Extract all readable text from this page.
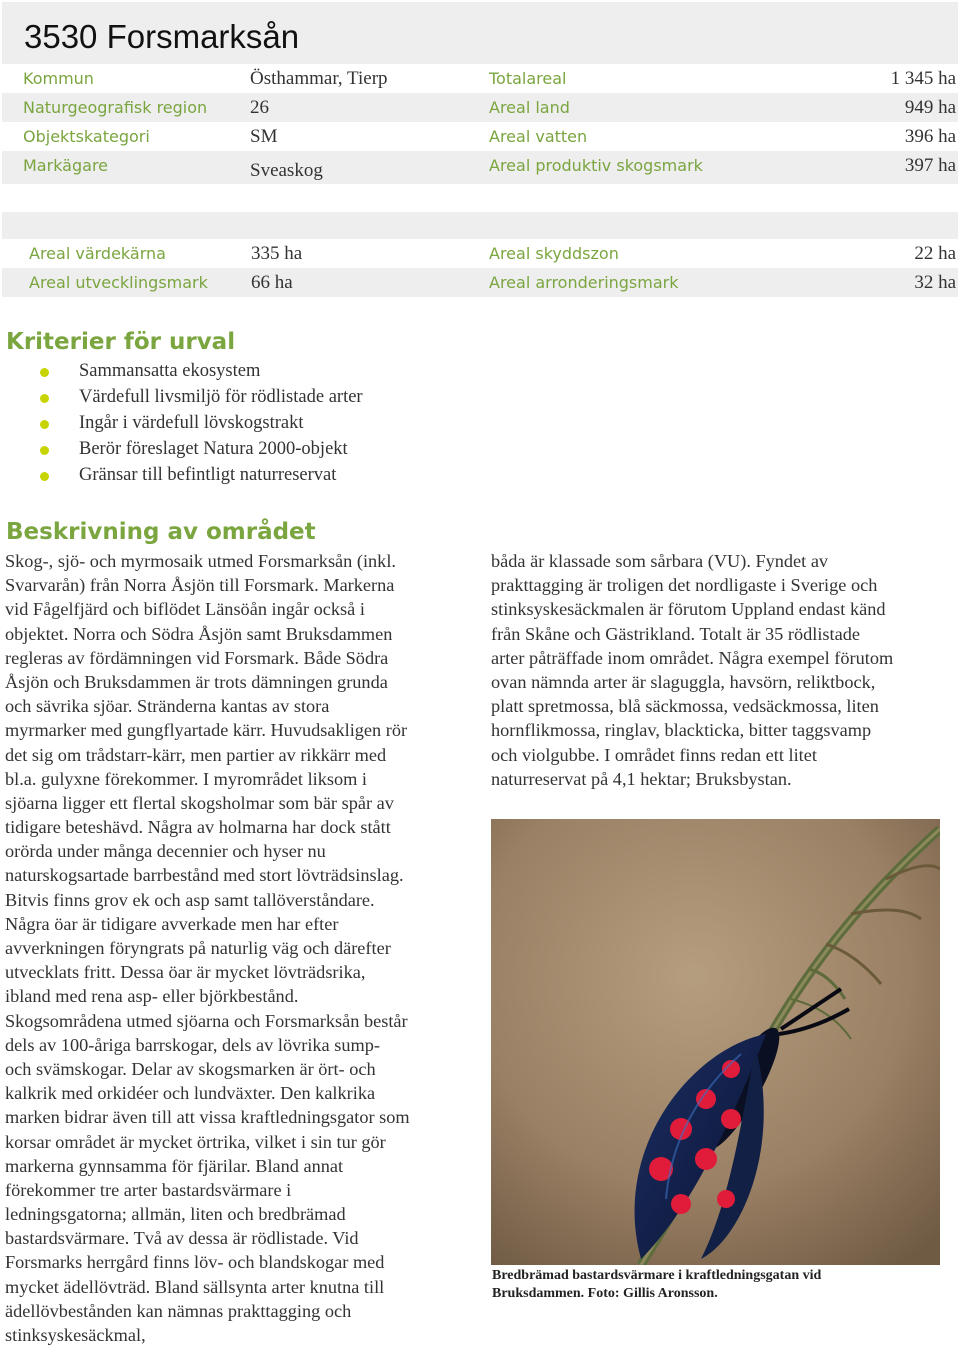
3530 Forsmarksån
Kommun	Östhammar, Tierp	Totalareal	1 345 ha
Naturgeografisk region 26	Areal land	949 ha
Objektskategori	SM	Areal vatten	396 ha
Markägare	Sveaskog	Areal produktiv skogsmark	397 ha
Areal värdekärna	335 ha	Areal skyddszon	22 ha
Areal utvecklingsmark 66 ha	Areal arronderingsmark	32 ha
Kriterier för urval
Sammansatta ekosystem
Värdefull livsmiljö för rödlistade arter
Ingår i värdefull lövskogstrakt
Berör föreslaget Natura 2000-objekt
Gränsar till befintligt naturreservat
Beskrivning av området
Skog-, sjö- och myrmosaik utmed Forsmarksån (inkl.
Svarvarån) från Norra Åsjön till Forsmark. Markerna
vid Fågelfjärd och biflödet Länsöån ingår också i
objektet. Norra och Södra Åsjön samt Bruksdammen
regleras av fördämningen vid Forsmark. Både Södra
Åsjön och Bruksdammen är trots dämningen grunda
och sävrika sjöar. Stränderna kantas av stora
myrmarker med gungflyartade kärr. Huvudsakligen rör
det sig om trådstarr-kärr, men partier av rikkärr med
bl.a. gulyxne förekommer. I myrområdet liksom i
sjöarna ligger ett flertal skogsholmar som bär spår av
tidigare beteshävd. Några av holmarna har dock stått
orörda under många decennier och hyser nu
naturskogsartade barrbestånd med stort lövträdsinslag.
Bitvis finns grov ek och asp samt tallöverståndare.
Några öar är tidigare avverkade men har efter
avverkningen föryngrats på naturlig väg och därefter
utvecklats fritt. Dessa öar är mycket lövträdsrika,
ibland med rena asp- eller björkbestånd.
Skogsområdena utmed sjöarna och Forsmarksån består
dels av 100-åriga barrskogar, dels av lövrika sump-
och svämskogar. Delar av skogsmarken är ört- och
kalkrik med orkidéer och lundväxter. Den kalkrika
marken bidrar även till att vissa kraftledningsgator som
korsar området är mycket örtrika, vilket i sin tur gör
markerna gynnsamma för fjärilar. Bland annat
förekommer tre arter bastardsvärmare i
ledningsgatorna; allmän, liten och bredbrämad
bastardsvärmare. Två av dessa är rödlistade. Vid
Forsmarks herrgård finns löv- och blandskogar med
mycket ädellövträd. Bland sällsynta arter knutna till
ädellövbestånden kan nämnas prakttagging och
stinksyskesäckmal,
båda är klassade som sårbara (VU). Fyndet av
prakttagging är troligen det nordligaste i Sverige och
stinksyskesäckmalen är förutom Uppland endast känd
från Skåne och Gästrikland. Totalt är 35 rödlistade
arter påträffade inom området. Några exempel förutom
ovan nämnda arter är slaguggla, havsörn, reliktbock,
platt spretmossa, blå säckmossa, vedsäckmossa, liten
hornflikmossa, ringlav, blackticka, bitter taggsvamp
och violgubbe. I området finns redan ett litet
naturreservat på 4,1 hektar; Bruksbystan.
Bredbrämad bastardsvärmare i kraftledningsgatan vid
Bruksdammen. Foto: Gillis Aronsson.
